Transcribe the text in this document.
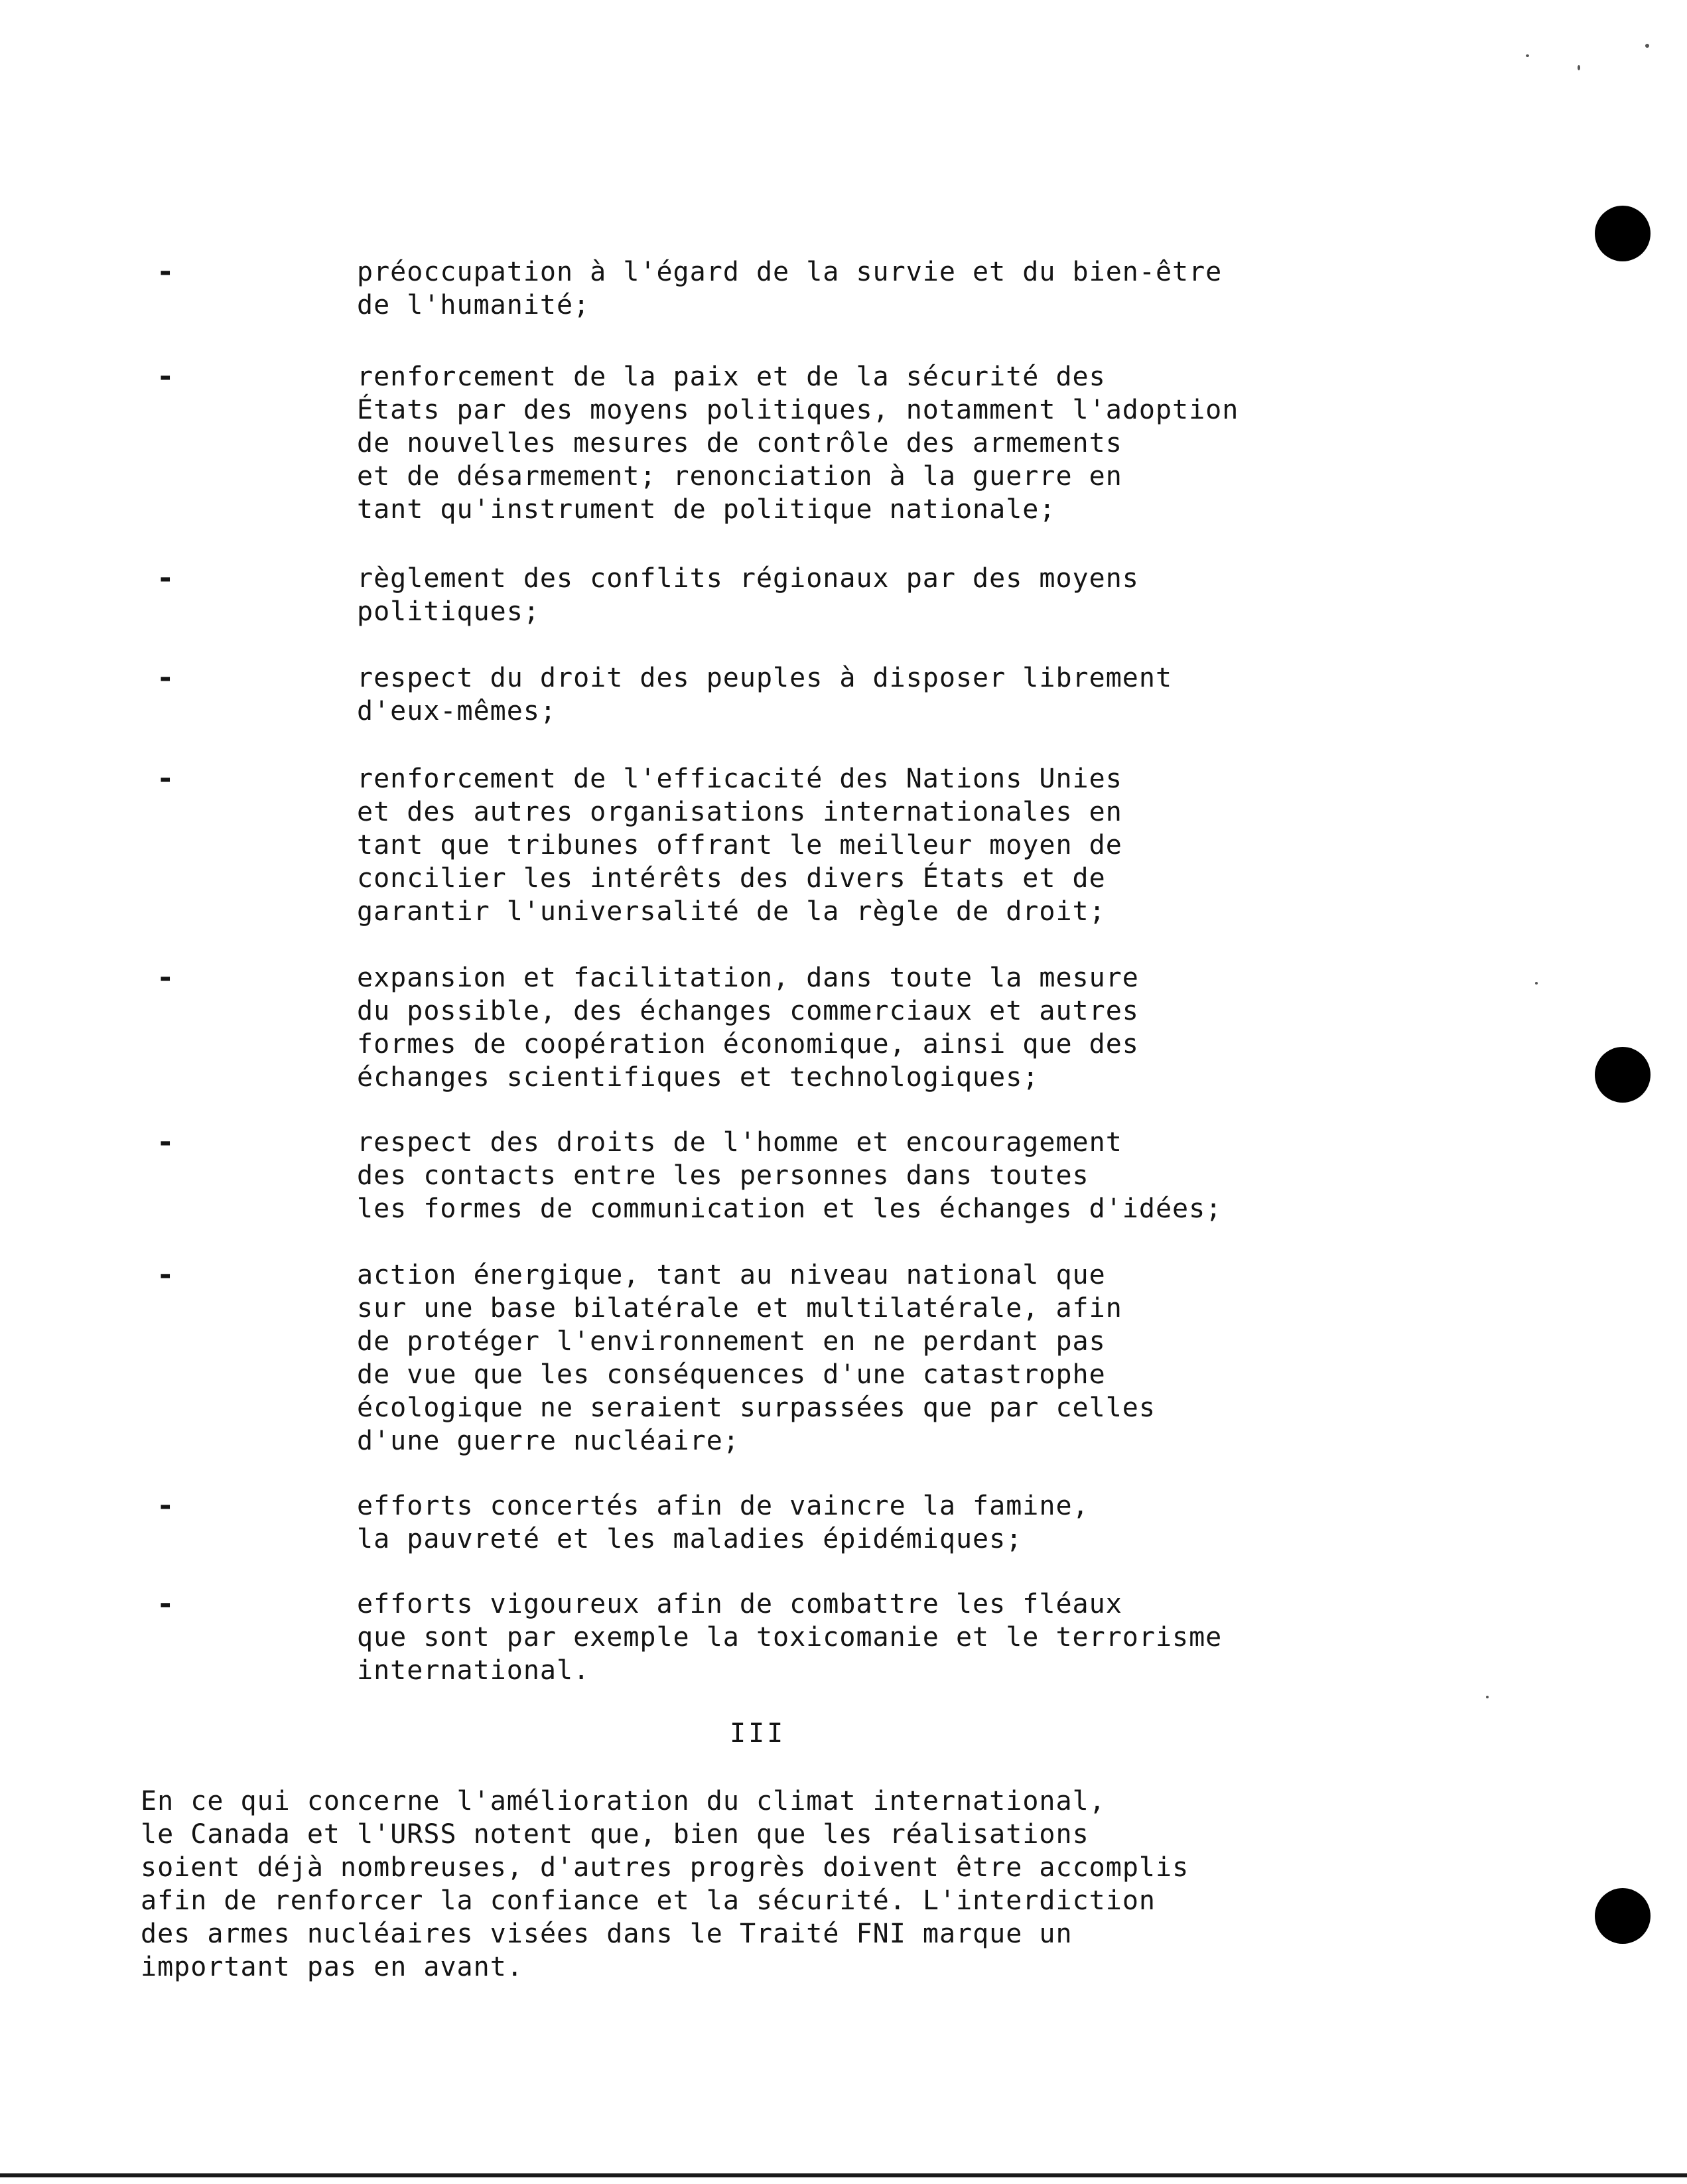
-	préoccupation à l'égard de la survie et du bien-être
de l'humanité;
-	renforcement de la paix et de la sécurité des
États par des moyens politiques, notamment l'adoption
de nouvelles mesures de contrôle des armements
et de désarmement; renonciation à la guerre en
tant qu'instrument de politique nationale;
-	règlement des conflits régionaux par des moyens
politiques;
-	respect du droit des peuples à disposer librement
d'eux-mêmes;
-	renforcement de l'efficacité des Nations Unies
et des autres organisations internationales en
tant que tribunes offrant le meilleur moyen de
concilier les intérêts des divers États et de
garantir l'universalité de la règle de droit;
-	expansion et facilitation, dans toute la mesure
du possible, des échanges commerciaux et autres
formes de coopération économique, ainsi que des
échanges scientifiques et technologiques;
-	respect des droits de l'homme et encouragement
des contacts entre les personnes dans toutes
les formes de communication et les échanges d'idées;
-	action énergique, tant au niveau national que
sur une base bilatérale et multilatérale, afin
de protéger l'environnement en ne perdant pas
de vue que les conséquences d'une catastrophe
écologique ne seraient surpassées que par celles
d'une guerre nucléaire;
-	efforts concertés afin de vaincre la famine,
la pauvreté et les maladies épidémiques;
-	efforts vigoureux afin de combattre les fléaux
que sont par exemple la toxicomanie et le terrorisme
international.
III
En ce qui concerne l'amélioration du climat international,
le Canada et l'URSS notent que, bien que les réalisations
soient déjà nombreuses, d'autres progrès doivent être accomplis
afin de renforcer la confiance et la sécurité. L'interdiction
des armes nucléaires visées dans le Traité FNI marque un
important pas en avant.
